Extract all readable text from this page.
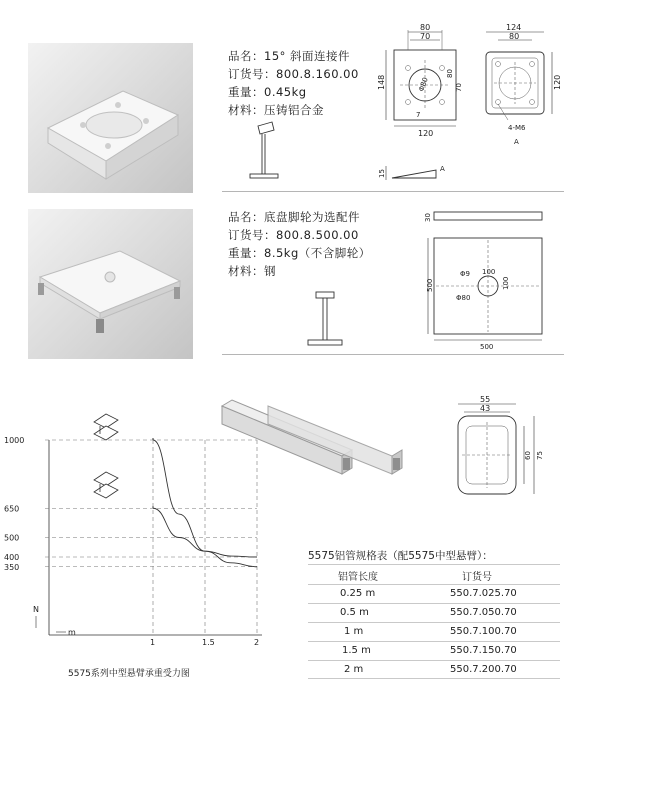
品名：15° 斜面连接件
订货号：800.8.160.00
重量：0.45kg
材料：压铸铝合金
80
70
148	Φ80	70
80
7
120
15
A
124
80
120
4-M6
A
品名：底盘脚轮为选配件
订货号：800.8.500.00
重量：8.5kg（不含脚轮）
材料：钢
30
Φ9
Φ80
100
100
500
500
1000
650
500
400
350
1	1.5	2
N
m
5575系列中型悬臂承重受力图
55
43
60 75
5575铝管规格表（配5575中型悬臂）：
铝管长度	订货号
0.25 m	550.7.025.70
0.5 m	550.7.050.70
1 m	550.7.100.70
1.5 m	550.7.150.70
2 m	550.7.200.70
